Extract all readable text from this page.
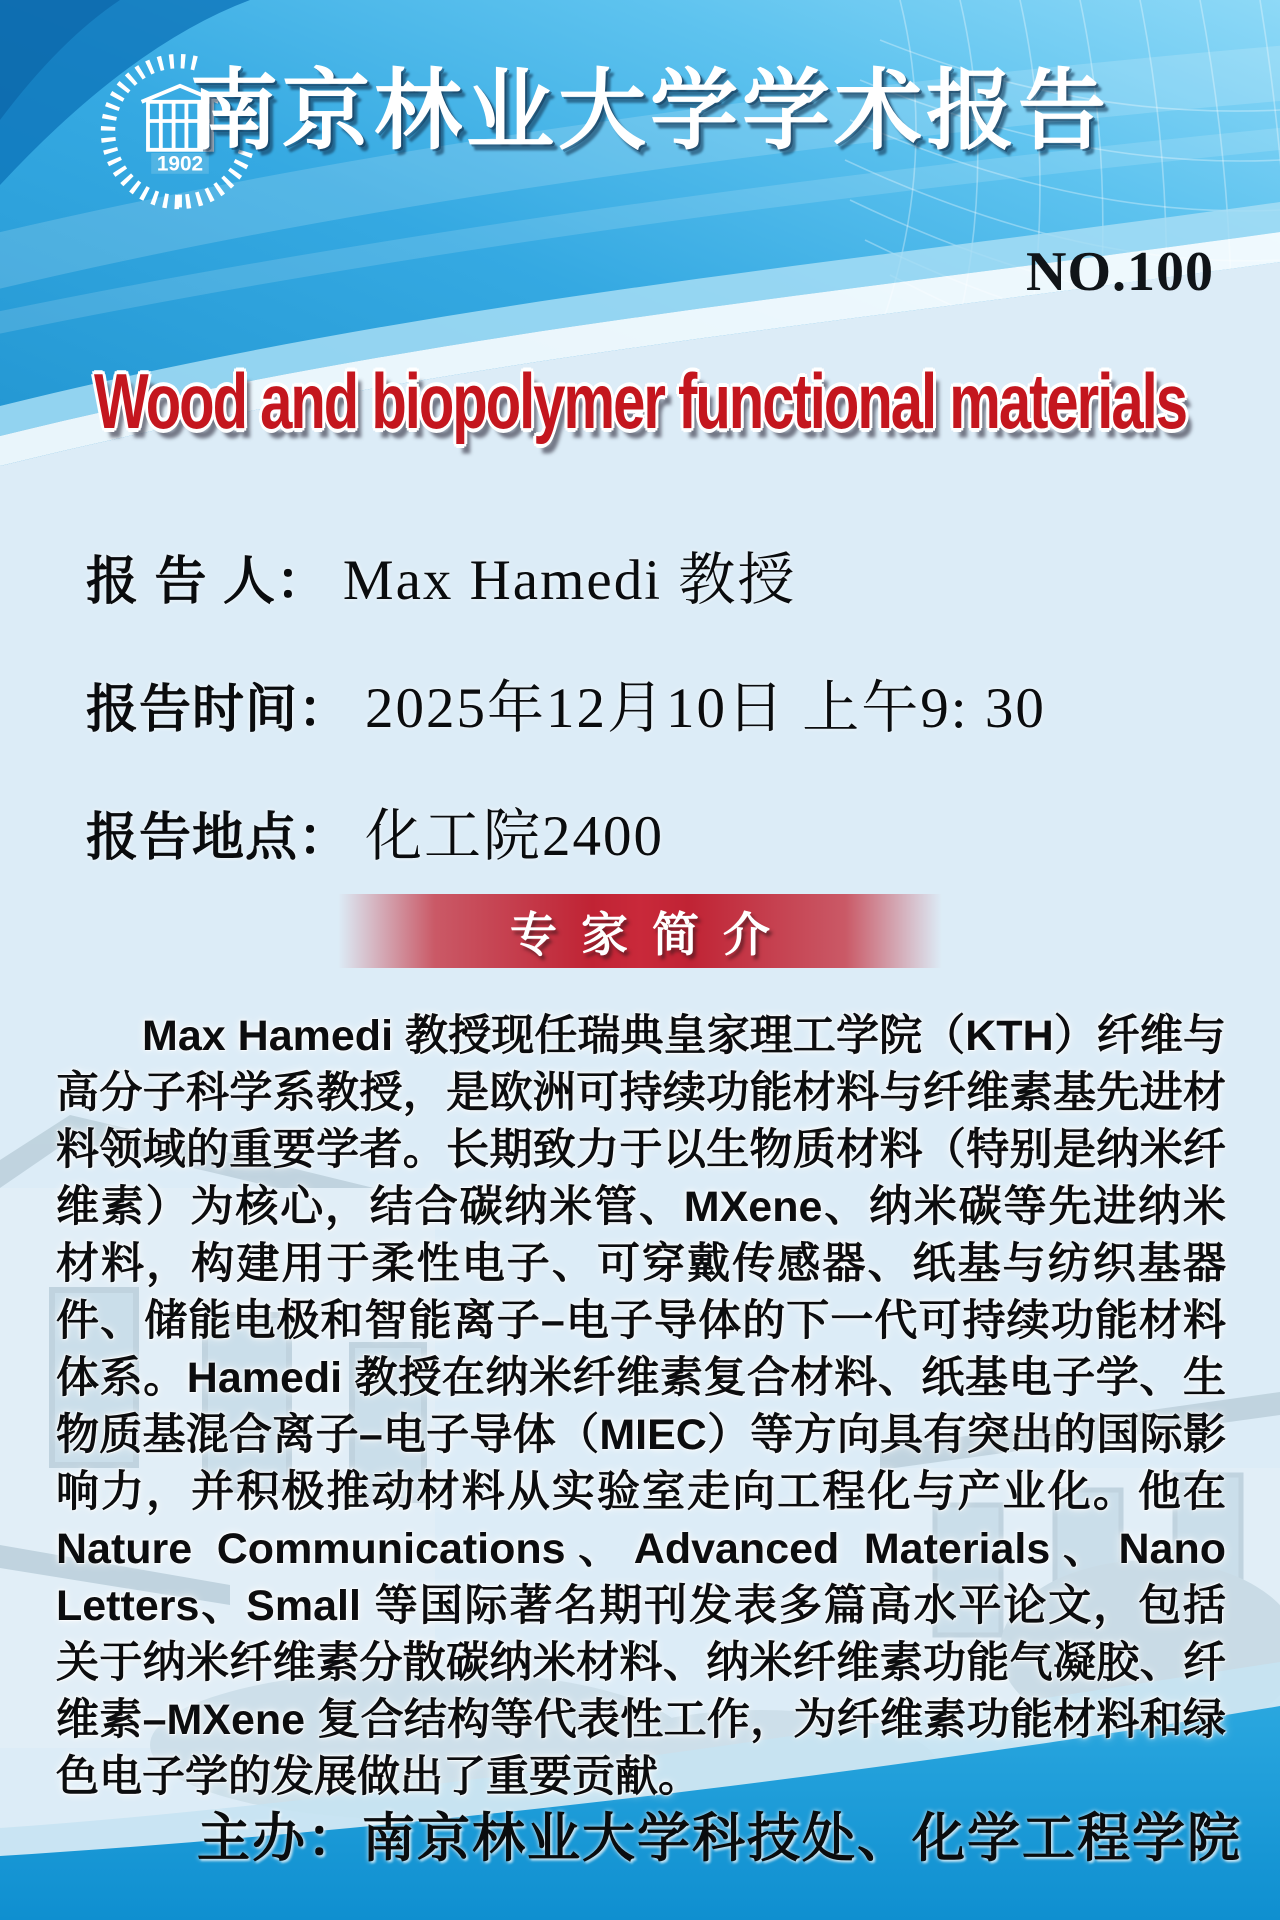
1902
南京林业大学学术报告
NO.100
Wood and biopolymer functional materials
报 告 人： Max Hamedi 教授
报告时间： 2025年12月10日 上午9: 30
报告地点： 化工院2400
专家简介
Max Hamedi 教授现任瑞典皇家理工学院（KTH）纤维与高分子科学系教授，是欧洲可持续功能材料与纤维素基先进材料领域的重要学者。长期致力于以生物质材料（特别是纳米纤维素）为核心，结合碳纳米管、MXene、纳米碳等先进纳米材料，构建用于柔性电子、可穿戴传感器、纸基与纺织基器件、储能电极和智能离子–电子导体的下一代可持续功能材料体系。Hamedi 教授在纳米纤维素复合材料、纸基电子学、生物质基混合离子–电子导体（MIEC）等方向具有突出的国际影响力，并积极推动材料从实验室走向工程化与产业化。他在 Nature Communications、Advanced Materials、Nano Letters、Small 等国际著名期刊发表多篇高水平论文，包括关于纳米纤维素分散碳纳米材料、纳米纤维素功能气凝胶、纤维素–MXene 复合结构等代表性工作，为纤维素功能材料和绿色电子学的发展做出了重要贡献。
主办：南京林业大学科技处、化学工程学院
